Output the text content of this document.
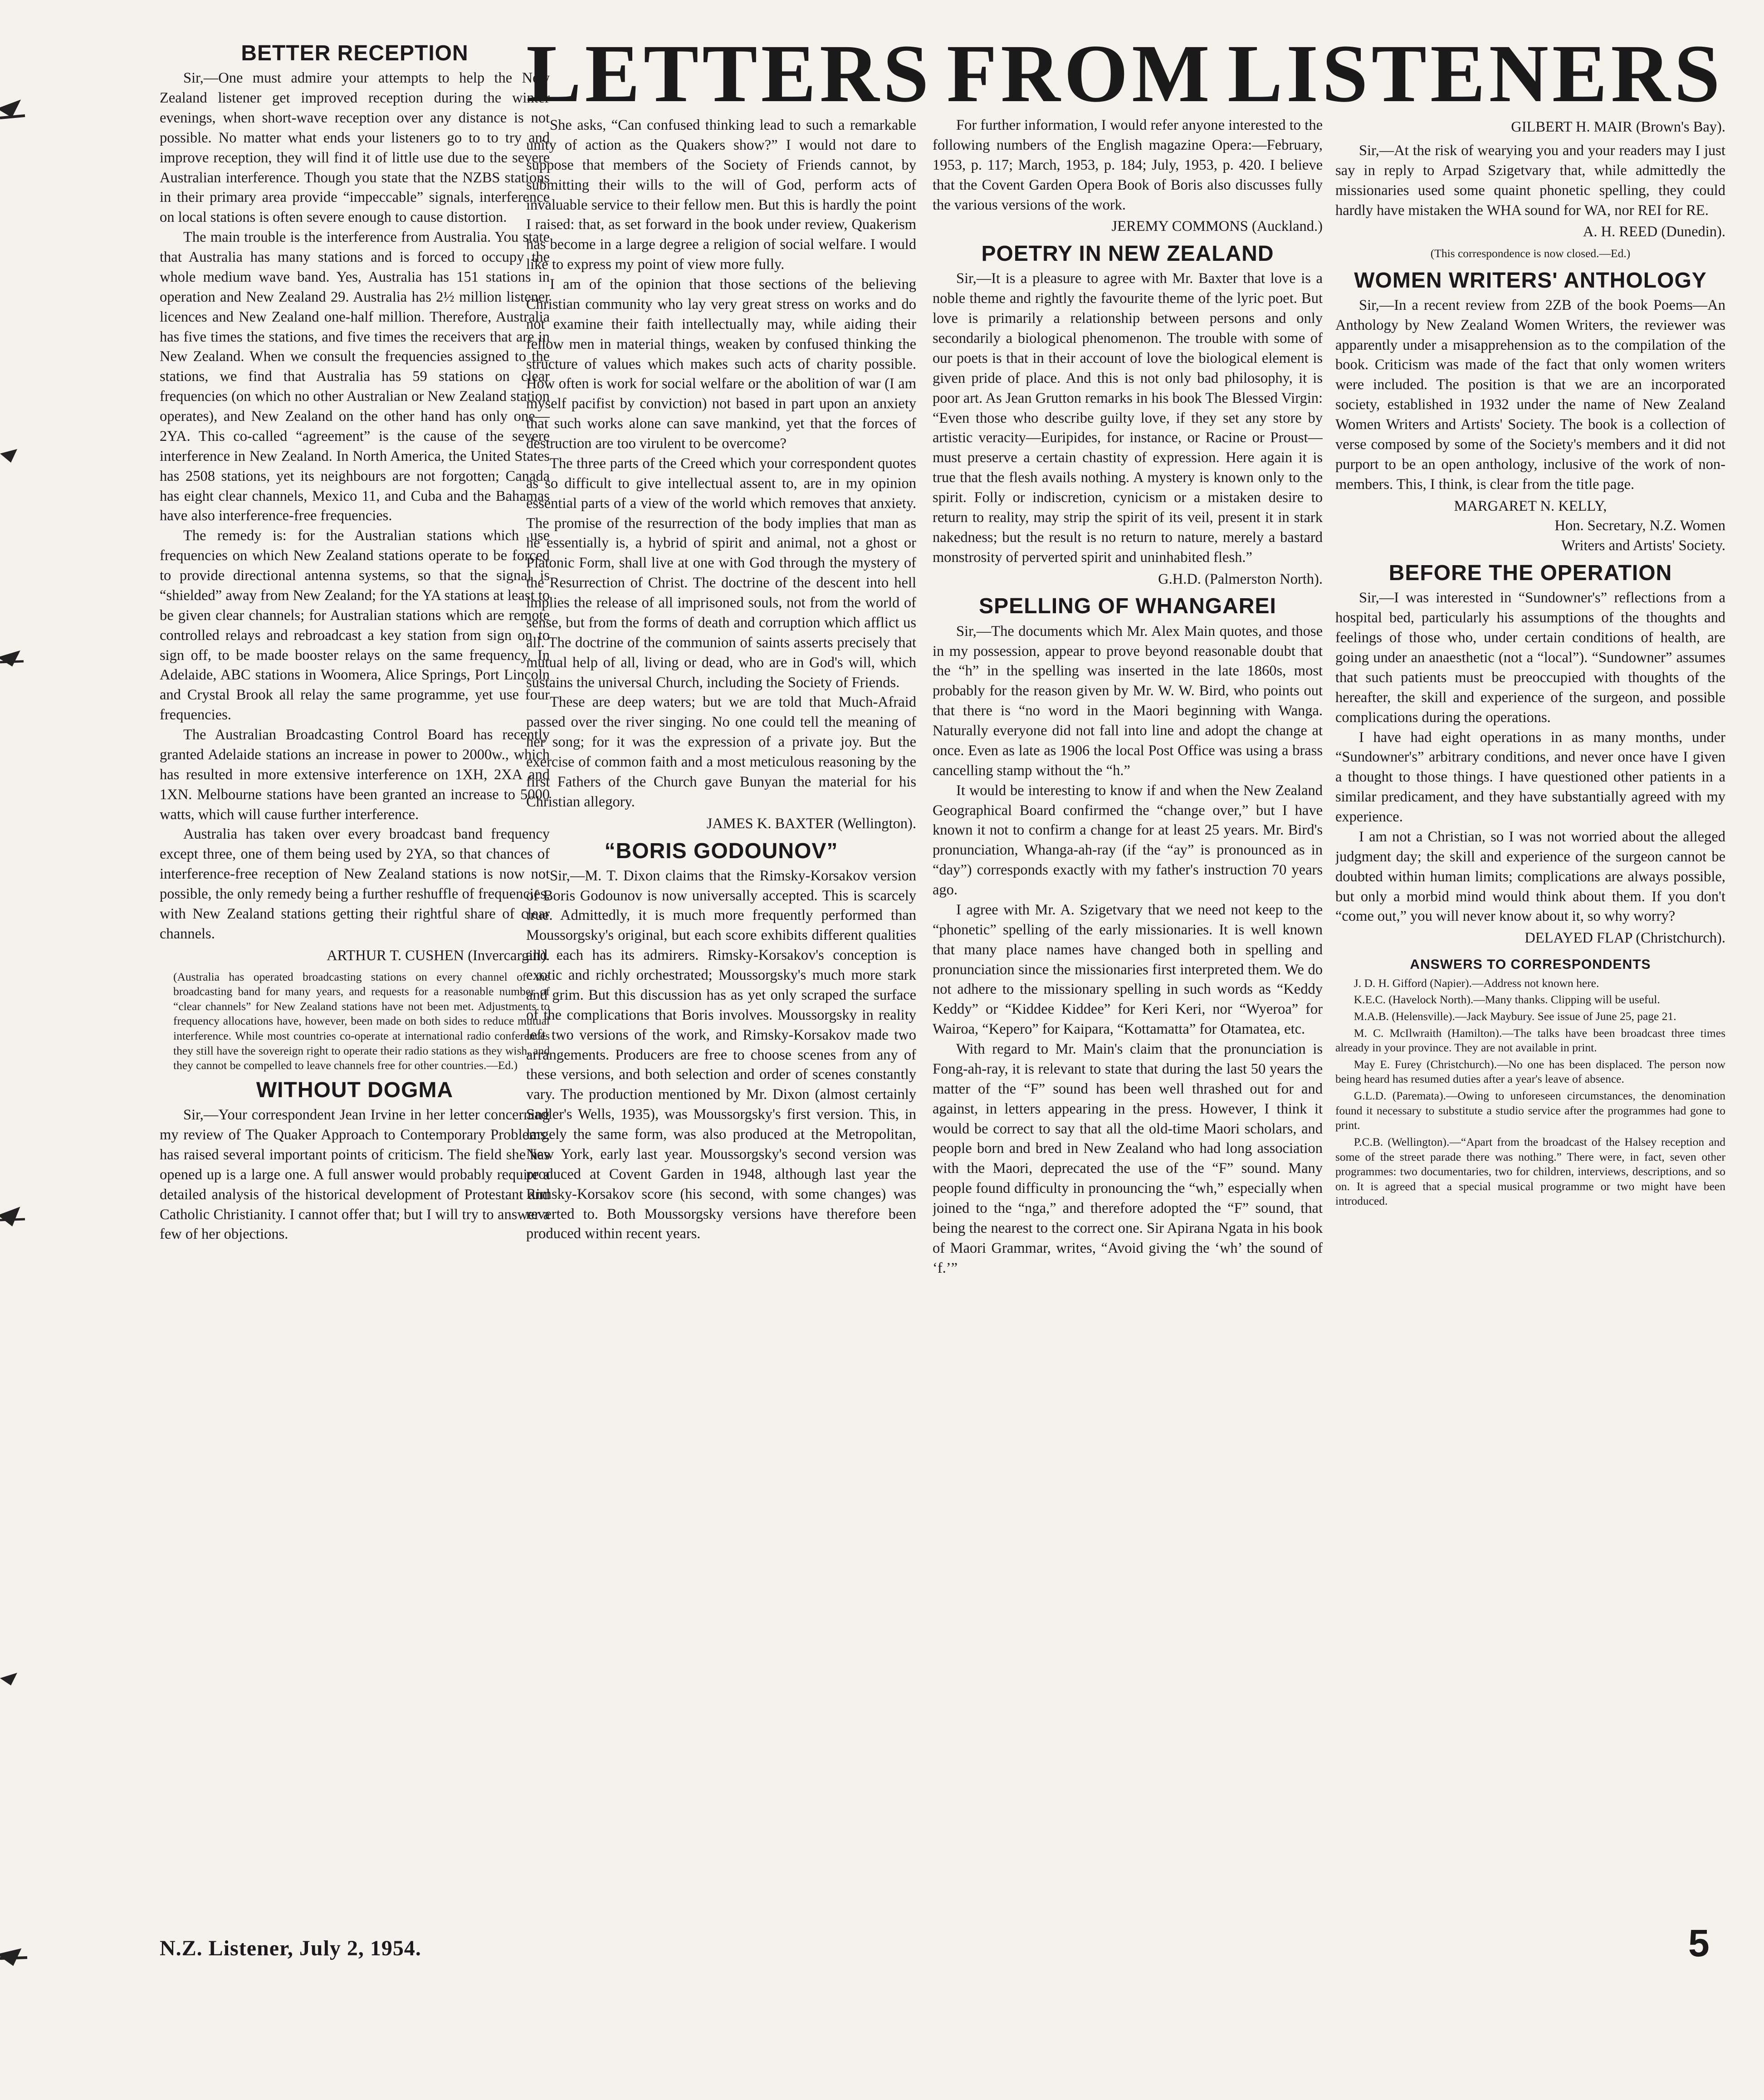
LETTERS FROM LISTENERS
BETTER RECEPTION

Sir,—One must admire your attempts to help the New Zealand listener get improved reception during the winter evenings, when short-wave reception over any distance is not possible. No matter what ends your listeners go to to try and improve reception, they will find it of little use due to the severe Australian interference. Though you state that the NZBS stations in their primary area provide “impeccable” signals, interference on local stations is often severe enough to cause distortion.

The main trouble is the interference from Australia. You state that Australia has many stations and is forced to occupy the whole medium wave band. Yes, Australia has 151 stations in operation and New Zealand 29. Australia has 2½ million listener licences and New Zealand one-half million. Therefore, Australia has five times the stations, and five times the receivers that are in New Zealand. When we consult the frequencies assigned to the stations, we find that Australia has 59 stations on clear frequencies (on which no other Australian or New Zealand station operates), and New Zealand on the other hand has only one—2YA. This co-called “agreement” is the cause of the severe interference in New Zealand. In North America, the United States has 2508 stations, yet its neighbours are not forgotten; Canada has eight clear channels, Mexico 11, and Cuba and the Bahamas have also interference-free frequencies.

The remedy is: for the Australian stations which use frequencies on which New Zealand stations operate to be forced to provide directional antenna systems, so that the signal is “shielded” away from New Zealand; for the YA stations at least to be given clear channels; for Australian stations which are remote controlled relays and rebroadcast a key station from sign on to sign off, to be made booster relays on the same frequency. In Adelaide, ABC stations in Woomera, Alice Springs, Port Lincoln and Crystal Brook all relay the same programme, yet use four frequencies.

The Australian Broadcasting Control Board has recently granted Adelaide stations an increase in power to 2000w., which has resulted in more extensive interference on 1XH, 2XA and 1XN. Melbourne stations have been granted an increase to 5000 watts, which will cause further interference.

Australia has taken over every broadcast band frequency except three, one of them being used by 2YA, so that chances of interference-free reception of New Zealand stations is now not possible, the only remedy being a further reshuffle of frequencies, with New Zealand stations getting their rightful share of clear channels.

ARTHUR T. CUSHEN (Invercargill).

(Australia has operated broadcasting stations on every channel of the broadcasting band for many years, and requests for a reasonable number of “clear channels” for New Zealand stations have not been met. Adjustments to frequency allocations have, however, been made on both sides to reduce mutual interference. While most countries co-operate at international radio conferences they still have the sovereign right to operate their radio stations as they wish, and they cannot be compelled to leave channels free for other countries.—Ed.)

WITHOUT DOGMA

Sir,—Your correspondent Jean Irvine in her letter concerning my review of The Quaker Approach to Contemporary Problems, has raised several important points of criticism. The field she has opened up is a large one. A full answer would probably require a detailed analysis of the historical development of Protestant and Catholic Christianity. I cannot offer that; but I will try to answer a few of her objections.

She asks, “Can confused thinking lead to such a remarkable unity of action as the Quakers show?” I would not dare to suppose that members of the Society of Friends cannot, by submitting their wills to the will of God, perform acts of invaluable service to their fellow men. But this is hardly the point I raised: that, as set forward in the book under review, Quakerism has become in a large degree a religion of social welfare. I would like to express my point of view more fully.

I am of the opinion that those sections of the believing Christian community who lay very great stress on works and do not examine their faith intellectually may, while aiding their fellow men in material things, weaken by confused thinking the structure of values which makes such acts of charity possible. How often is work for social welfare or the abolition of war (I am myself pacifist by conviction) not based in part upon an anxiety that such works alone can save mankind, yet that the forces of destruction are too virulent to be overcome?

The three parts of the Creed which your correspondent quotes as so difficult to give intellectual assent to, are in my opinion essential parts of a view of the world which removes that anxiety. The promise of the resurrection of the body implies that man as he essentially is, a hybrid of spirit and animal, not a ghost or Platonic Form, shall live at one with God through the mystery of the Resurrection of Christ. The doctrine of the descent into hell implies the release of all imprisoned souls, not from the world of sense, but from the forms of death and corruption which afflict us all. The doctrine of the communion of saints asserts precisely that mutual help of all, living or dead, who are in God's will, which sustains the universal Church, including the Society of Friends.

These are deep waters; but we are told that Much-Afraid passed over the river singing. No one could tell the meaning of her song; for it was the expression of a private joy. But the exercise of common faith and a most meticulous reasoning by the first Fathers of the Church gave Bunyan the material for his Christian allegory.

JAMES K. BAXTER (Wellington).

“BORIS GODOUNOV”

Sir,—M. T. Dixon claims that the Rimsky-Korsakov version of Boris Godounov is now universally accepted. This is scarcely true. Admittedly, it is much more frequently performed than Moussorgsky's original, but each score exhibits different qualities and each has its admirers. Rimsky-Korsakov's conception is exotic and richly orchestrated; Moussorgsky's much more stark and grim. But this discussion has as yet only scraped the surface of the complications that Boris involves. Moussorgsky in reality left two versions of the work, and Rimsky-Korsakov made two arrangements. Producers are free to choose scenes from any of these versions, and both selection and order of scenes constantly vary. The production mentioned by Mr. Dixon (almost certainly Sadler's Wells, 1935), was Moussorgsky's first version. This, in largely the same form, was also produced at the Metropolitan, New York, early last year. Moussorgsky's second version was produced at Covent Garden in 1948, although last year the Rimsky-Korsakov score (his second, with some changes) was reverted to. Both Moussorgsky versions have therefore been produced within recent years.

For further information, I would refer anyone interested to the following numbers of the English magazine Opera:—February, 1953, p. 117; March, 1953, p. 184; July, 1953, p. 420. I believe that the Covent Garden Opera Book of Boris also discusses fully the various versions of the work.

JEREMY COMMONS (Auckland.)

POETRY IN NEW ZEALAND

Sir,—It is a pleasure to agree with Mr. Baxter that love is a noble theme and rightly the favourite theme of the lyric poet. But love is primarily a relationship between persons and only secondarily a biological phenomenon. The trouble with some of our poets is that in their account of love the biological element is given pride of place. And this is not only bad philosophy, it is poor art. As Jean Grutton remarks in his book The Blessed Virgin: “Even those who describe guilty love, if they set any store by artistic veracity—Euripides, for instance, or Racine or Proust—must preserve a certain chastity of expression. Here again it is true that the flesh avails nothing. A mystery is known only to the spirit. Folly or indiscretion, cynicism or a mistaken desire to return to reality, may strip the spirit of its veil, present it in stark nakedness; but the result is no return to nature, merely a bastard monstrosity of perverted spirit and uninhabited flesh.”

G.H.D. (Palmerston North).

SPELLING OF WHANGAREI

Sir,—The documents which Mr. Alex Main quotes, and those in my possession, appear to prove beyond reasonable doubt that the “h” in the spelling was inserted in the late 1860s, most probably for the reason given by Mr. W. W. Bird, who points out that there is “no word in the Maori beginning with Wanga. Naturally everyone did not fall into line and adopt the change at once. Even as late as 1906 the local Post Office was using a brass cancelling stamp without the “h.”

It would be interesting to know if and when the New Zealand Geographical Board confirmed the “change over,” but I have known it not to confirm a change for at least 25 years. Mr. Bird's pronunciation, Whanga-ah-ray (if the “ay” is pronounced as in “day”) corresponds exactly with my father's instruction 70 years ago.

I agree with Mr. A. Szigetvary that we need not keep to the “phonetic” spelling of the early missionaries. It is well known that many place names have changed both in spelling and pronunciation since the missionaries first interpreted them. We do not adhere to the missionary spelling in such words as “Keddy Keddy” or “Kiddee Kiddee” for Keri Keri, nor “Wyeroa” for Wairoa, “Kepero” for Kaipara, “Kottamatta” for Otamatea, etc.

With regard to Mr. Main's claim that the pronunciation is Fong-ah-ray, it is relevant to state that during the last 50 years the matter of the “F” sound has been well thrashed out for and against, in letters appearing in the press. However, I think it would be correct to say that all the old-time Maori scholars, and people born and bred in New Zealand who had long association with the Maori, deprecated the use of the “F” sound. Many people found difficulty in pronouncing the “wh,” especially when joined to the “nga,” and therefore adopted the “F” sound, that being the nearest to the correct one. Sir Apirana Ngata in his book of Maori Grammar, writes, “Avoid giving the ‘wh’ the sound of ‘f.’”

GILBERT H. MAIR (Brown's Bay).

Sir,—At the risk of wearying you and your readers may I just say in reply to Arpad Szigetvary that, while admittedly the missionaries used some quaint phonetic spelling, they could hardly have mistaken the WHA sound for WA, nor REI for RE.

A. H. REED (Dunedin).

(This correspondence is now closed.—Ed.)

WOMEN WRITERS' ANTHOLOGY

Sir,—In a recent review from 2ZB of the book Poems—An Anthology by New Zealand Women Writers, the reviewer was apparently under a misapprehension as to the compilation of the book. Criticism was made of the fact that only women writers were included. The position is that we are an incorporated society, established in 1932 under the name of New Zealand Women Writers and Artists' Society. The book is a collection of verse composed by some of the Society's members and it did not purport to be an open anthology, inclusive of the work of non-members. This, I think, is clear from the title page.

MARGARET N. KELLY,

Hon. Secretary, N.Z. Women

Writers and Artists' Society.

BEFORE THE OPERATION

Sir,—I was interested in “Sundowner's” reflections from a hospital bed, particularly his assumptions of the thoughts and feelings of those who, under certain conditions of health, are going under an anaesthetic (not a “local”). “Sundowner” assumes that such patients must be preoccupied with thoughts of the hereafter, the skill and experience of the surgeon, and possible complications during the operations.

I have had eight operations in as many months, under “Sundowner's” arbitrary conditions, and never once have I given a thought to those things. I have questioned other patients in a similar predicament, and they have substantially agreed with my experience.

I am not a Christian, so I was not worried about the alleged judgment day; the skill and experience of the surgeon cannot be doubted within human limits; complications are always possible, but only a morbid mind would think about them. If you don't “come out,” you will never know about it, so why worry?

DELAYED FLAP (Christchurch).

ANSWERS TO CORRESPONDENTS

J. D. H. Gifford (Napier).—Address not known here.

K.E.C. (Havelock North).—Many thanks. Clipping will be useful.

M.A.B. (Helensville).—Jack Maybury. See issue of June 25, page 21.

M. C. McIlwraith (Hamilton).—The talks have been broadcast three times already in your province. They are not available in print.

May E. Furey (Christchurch).—No one has been displaced. The person now being heard has resumed duties after a year's leave of absence.

G.L.D. (Paremata).—Owing to unforeseen circumstances, the denomination found it necessary to substitute a studio service after the programmes had gone to print.

P.C.B. (Wellington).—“Apart from the broadcast of the Halsey reception and some of the street parade there was nothing.” There were, in fact, seven other programmes: two documentaries, two for children, interviews, descriptions, and so on. It is agreed that a special musical programme or two might have been introduced.

N.Z. Listener, July 2, 1954.	5
